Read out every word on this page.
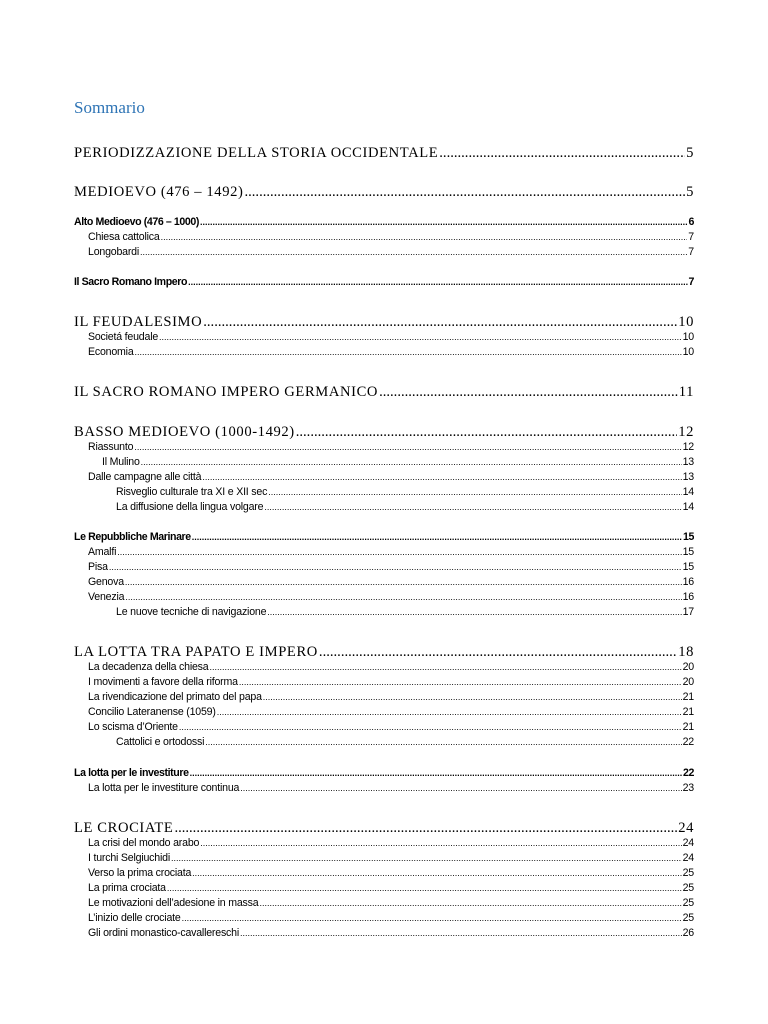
Sommario
PERIODIZZAZIONE DELLA STORIA OCCIDENTALE .....	5
MEDIOEVO (476 – 1492) .....	5
Alto Medioevo (476 – 1000) .....	6
Chiesa cattolica .....	7
Longobardi .....	7
Il Sacro Romano Impero .....	7
IL FEUDALESIMO .....	10
Societá feudale .....	10
Economia .....	10
IL SACRO ROMANO IMPERO GERMANICO .....	11
BASSO MEDIOEVO (1000-1492) .....	12
Riassunto .....	12
Il Mulino .....	13
Dalle campagne alle città .....	13
Risveglio culturale tra XI e XII sec .....	14
La diffusione della lingua volgare .....	14
Le Repubbliche Marinare .....	15
Amalfi .....	15
Pisa .....	15
Genova .....	16
Venezia .....	16
Le nuove tecniche di navigazione .....	17
LA LOTTA TRA PAPATO E IMPERO .....	18
La decadenza della chiesa .....	20
I movimenti a favore della riforma .....	20
La rivendicazione del primato del papa .....	21
Concilio Lateranense (1059) .....	21
Lo scisma d’Oriente .....	21
Cattolici e ortodossi .....	22
La lotta per le investiture .....	22
La lotta per le investiture continua .....	23
LE CROCIATE .....	24
La crisi del mondo arabo .....	24
I turchi Selgiuchidi .....	24
Verso la prima crociata .....	25
La prima crociata .....	25
Le motivazioni dell’adesione in massa .....	25
L’inizio delle crociate .....	25
Gli ordini monastico-cavallereschi .....	26
